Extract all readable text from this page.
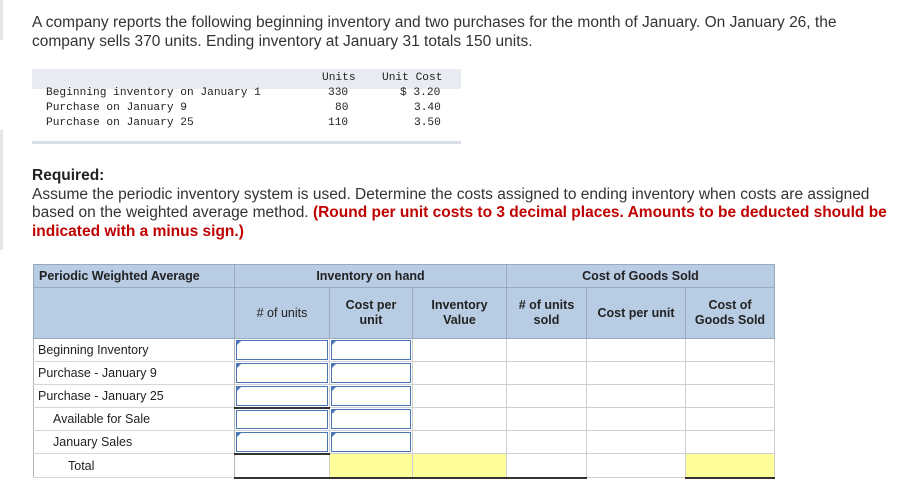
A company reports the following beginning inventory and two purchases for the month of January. On January 26, the company sells 370 units. Ending inventory at January 31 totals 150 units.
Units Unit Cost
Beginning inventory on January 1	330	$ 3.20
Purchase on January 9	80	3.40
Purchase on January 25	110	3.50
Required:
Assume the periodic inventory system is used. Determine the costs assigned to ending inventory when costs are assigned based on the weighted average method. (Round per unit costs to 3 decimal places. Amounts to be deducted should be indicated with a minus sign.)
Periodic Weighted Average	Inventory on hand			Cost of Goods Sold		
	# of units	Cost per unit	Inventory Value	# of units sold	Cost per unit	Cost of Goods Sold
Beginning Inventory	

Purchase - January 9	

Purchase - January 25	

Available for Sale	

January Sales	

Total						
